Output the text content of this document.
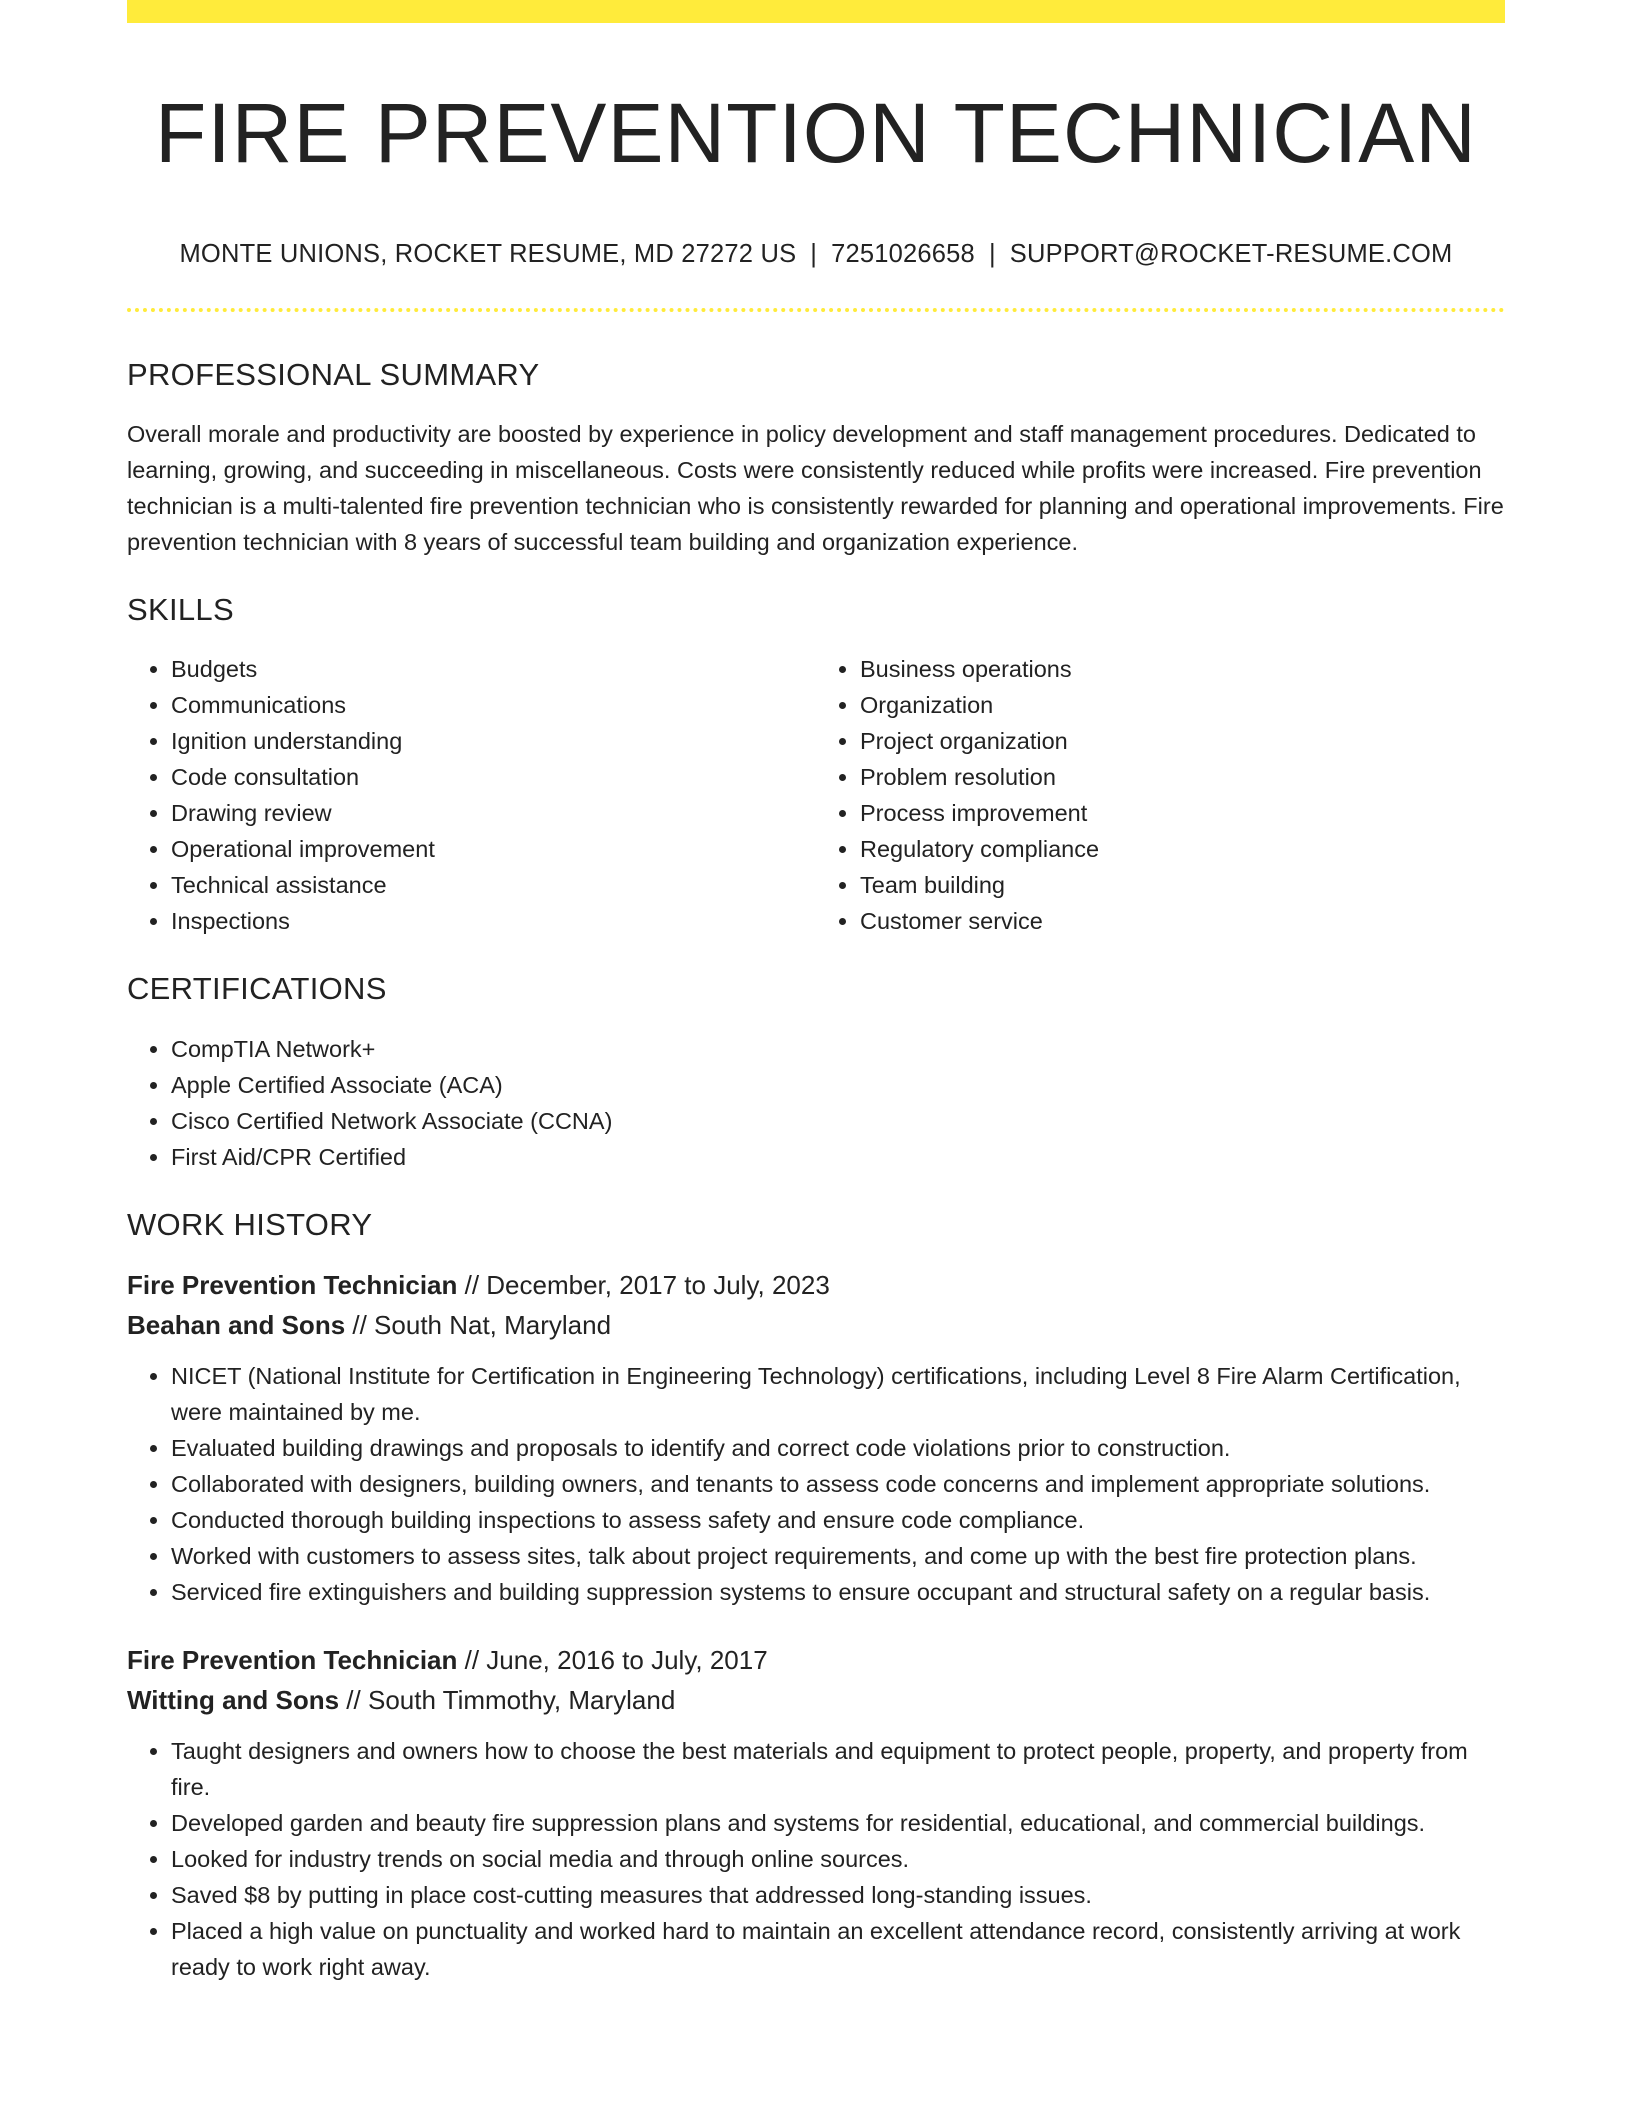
FIRE PREVENTION TECHNICIAN
MONTE UNIONS, ROCKET RESUME, MD 27272 US | 7251026658 | SUPPORT@ROCKET-RESUME.COM
PROFESSIONAL SUMMARY

Overall morale and productivity are boosted by experience in policy development and staff management procedures. Dedicated to learning, growing, and succeeding in miscellaneous. Costs were consistently reduced while profits were increased. Fire prevention technician is a multi-talented fire prevention technician who is consistently rewarded for planning and operational improvements. Fire prevention technician with 8 years of successful team building and organization experience.

SKILLS
• Budgets
• Communications
• Ignition understanding
• Code consultation
• Drawing review
• Operational improvement
• Technical assistance
• Inspections
• Business operations
• Organization
• Project organization
• Problem resolution
• Process improvement
• Regulatory compliance
• Team building
• Customer service
CERTIFICATIONS
• CompTIA Network+
• Apple Certified Associate (ACA)
• Cisco Certified Network Associate (CCNA)
• First Aid/CPR Certified
WORK HISTORY
Fire Prevention Technician // December, 2017 to July, 2023
Beahan and Sons // South Nat, Maryland
• NICET (National Institute for Certification in Engineering Technology) certifications, including Level 8 Fire Alarm Certification, were maintained by me.
• Evaluated building drawings and proposals to identify and correct code violations prior to construction.
• Collaborated with designers, building owners, and tenants to assess code concerns and implement appropriate solutions.
• Conducted thorough building inspections to assess safety and ensure code compliance.
• Worked with customers to assess sites, talk about project requirements, and come up with the best fire protection plans.
• Serviced fire extinguishers and building suppression systems to ensure occupant and structural safety on a regular basis.
Fire Prevention Technician // June, 2016 to July, 2017
Witting and Sons // South Timmothy, Maryland
• Taught designers and owners how to choose the best materials and equipment to protect people, property, and property from fire.
• Developed garden and beauty fire suppression plans and systems for residential, educational, and commercial buildings.
• Looked for industry trends on social media and through online sources.
• Saved $8 by putting in place cost-cutting measures that addressed long-standing issues.
• Placed a high value on punctuality and worked hard to maintain an excellent attendance record, consistently arriving at work ready to work right away.
